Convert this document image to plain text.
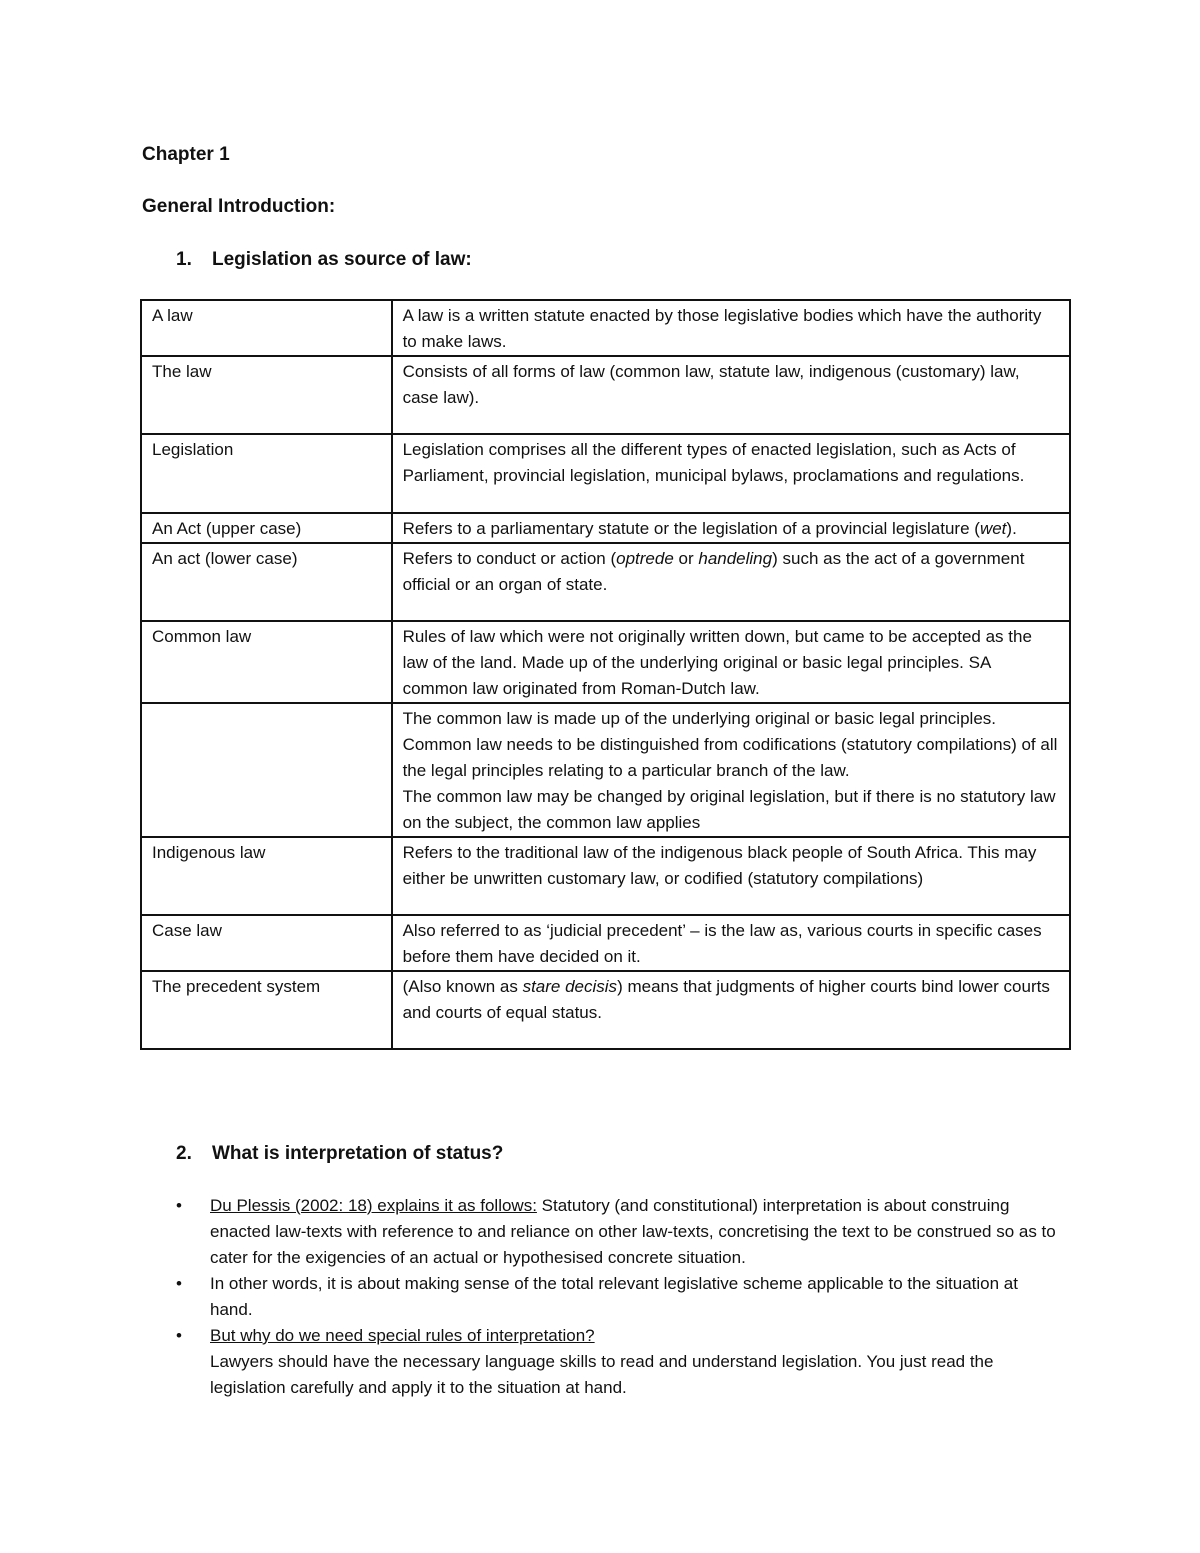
Chapter 1

General Introduction:

1. Legislation as source of law:

A law	A law is a written statute enacted by those legislative bodies which have the authority to make laws.
The law	Consists of all forms of law (common law, statute law, indigenous (customary) law, case law).
Legislation	Legislation comprises all the different types of enacted legislation, such as Acts of Parliament, provincial legislation, municipal bylaws, proclamations and regulations.
An Act (upper case)	Refers to a parliamentary statute or the legislation of a provincial legislature (wet).
An act (lower case)	Refers to conduct or action (optrede or handeling) such as the act of a government official or an organ of state.
Common law	Rules of law which were not originally written down, but came to be accepted as the law of the land. Made up of the underlying original or basic legal principles. SA common law originated from Roman-Dutch law.

	The common law is made up of the underlying original or basic legal principles.
Common law needs to be distinguished from codifications (statutory compilations) of all the legal principles relating to a particular branch of the law.
The common law may be changed by original legislation, but if there is no statutory law on the subject, the common law applies

Indigenous law	Refers to the traditional law of the indigenous black people of South Africa. This may either be unwritten customary law, or codified (statutory compilations)
Case law	Also referred to as ‘judicial precedent’ – is the law as, various courts in specific cases before them have decided on it.
The precedent system	(Also known as stare decisis) means that judgments of higher courts bind lower courts and courts of equal status.

2. What is interpretation of status?

•	Du Plessis (2002: 18) explains it as follows: Statutory (and constitutional) interpretation is about construing enacted law-texts with reference to and reliance on other law-texts, concretising the text to be construed so as to cater for the exigencies of an actual or hypothesised concrete situation.
•	In other words, it is about making sense of the total relevant legislative scheme applicable to the situation at hand.
•	But why do we need special rules of interpretation?
Lawyers should have the necessary language skills to read and understand legislation. You just read the legislation carefully and apply it to the situation at hand.
